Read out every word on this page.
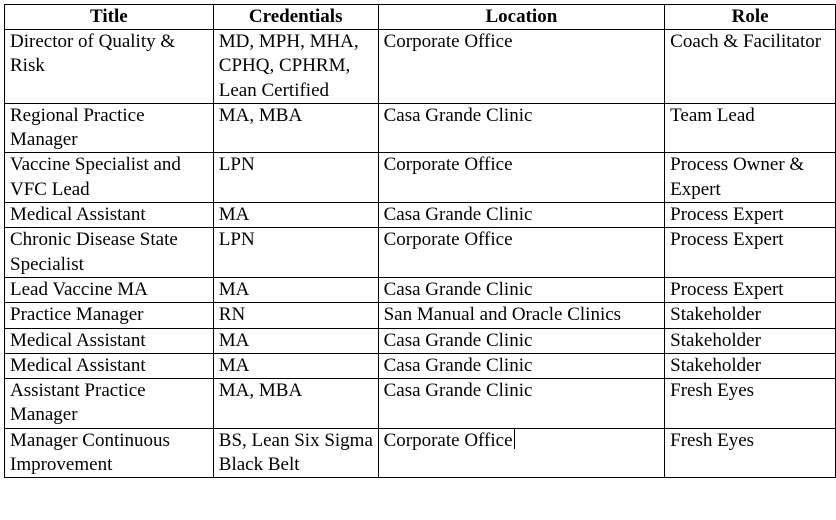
Title	Credentials	Location	Role
Director of Quality & Risk	MD, MPH, MHA, CPHQ, CPHRM, Lean Certified	Corporate Office	Coach & Facilitator
Regional Practice Manager	MA, MBA	Casa Grande Clinic	Team Lead
Vaccine Specialist and VFC Lead	LPN	Corporate Office	Process Owner & Expert
Medical Assistant	MA	Casa Grande Clinic	Process Expert
Chronic Disease State Specialist	LPN	Corporate Office	Process Expert
Lead Vaccine MA	MA	Casa Grande Clinic	Process Expert
Practice Manager	RN	San Manual and Oracle Clinics	Stakeholder
Medical Assistant	MA	Casa Grande Clinic	Stakeholder
Medical Assistant	MA	Casa Grande Clinic	Stakeholder
Assistant Practice Manager	MA, MBA	Casa Grande Clinic	Fresh Eyes
Manager Continuous Improvement	BS, Lean Six Sigma Black Belt	Corporate Office	Fresh Eyes
